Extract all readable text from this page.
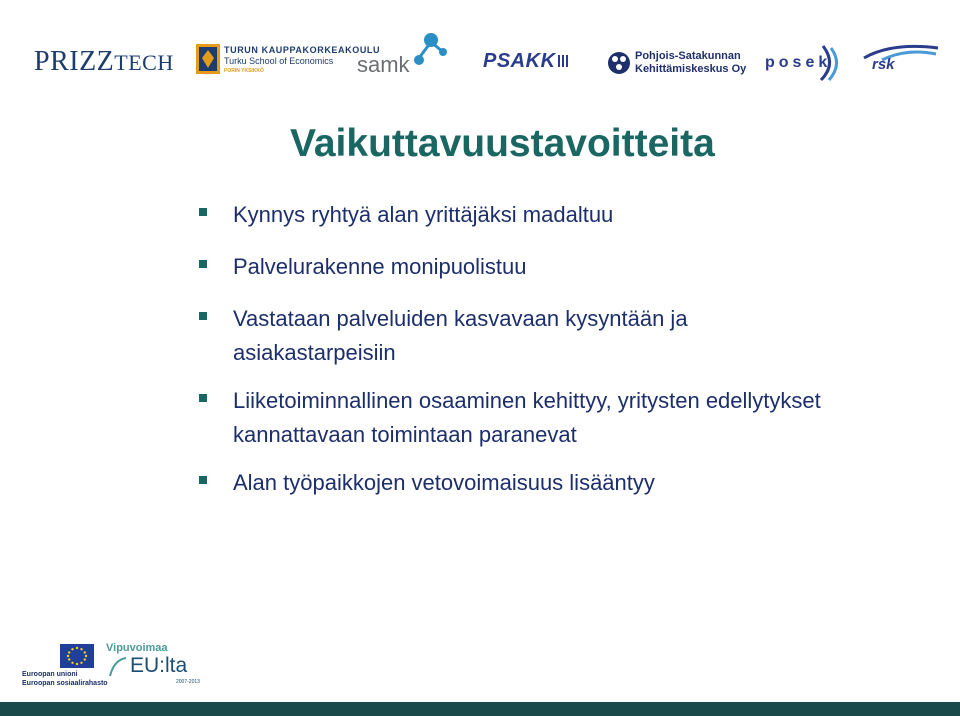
PRIZZTECH	TURUN KAUPPAKORKEAKOULU
Turku School of Economics
PORIN YKSIKKÖ	samk	PSAKK	Pohjois-Satakunnan
Kehittämiskeskus Oy posek	rsk
Vaikuttavuustavoitteita
Kynnys ryhtyä alan yrittäjäksi madaltuu
Palvelurakenne monipuolistuu
Vastataan palveluiden kasvavaan kysyntään ja asiakastarpeisiin
Liiketoiminnallinen osaaminen kehittyy, yritysten edellytykset kannattavaan toimintaan paranevat
Alan työpaikkojen vetovoimaisuus lisääntyy
Euroopan unioni
Euroopan sosiaalirahasto
Vipuvoimaa
EU:lta
2007-2013
